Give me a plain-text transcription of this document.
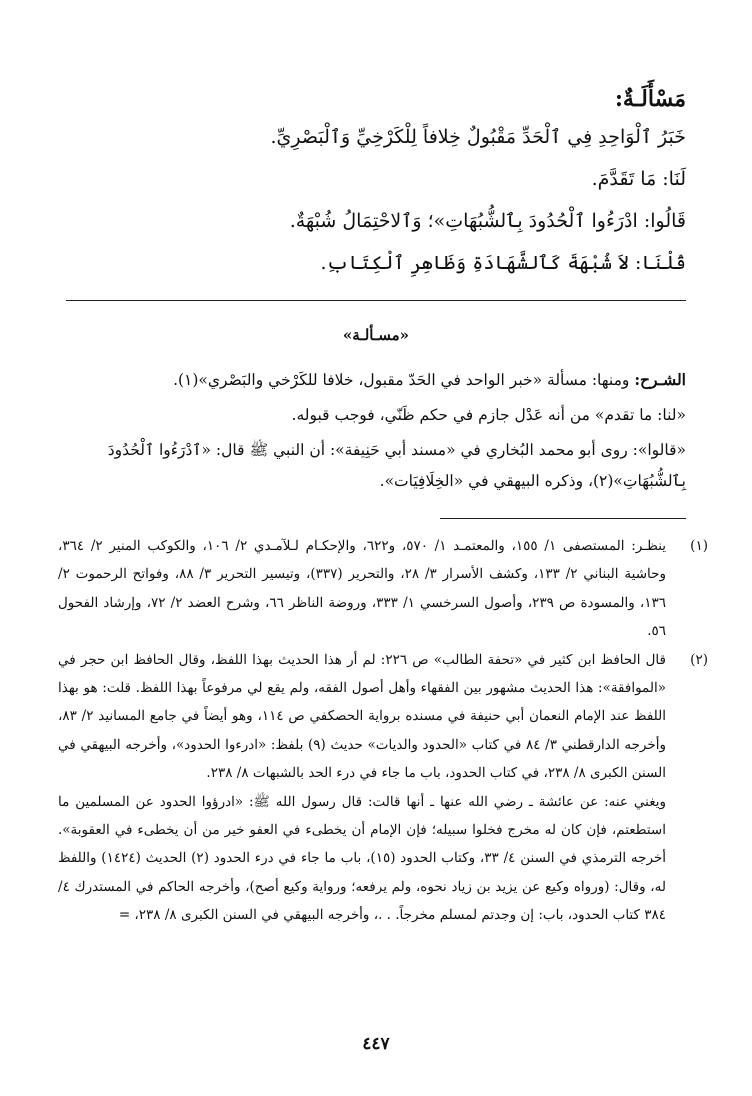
مَسْأَلَـةٌ:

خَبَرُ ٱلْوَاحِدِ فِي ٱلْحَدِّ مَقْبُولٌ خِلافاً لِلْكَرْخِيِّ وَٱلْبَصْرِيِّ.

لَنَا: مَا تَقَدَّمَ.

قَالُوا: ادْرَءُوا ٱلْحُدُودَ بِٱلشُّبُهَاتِ»؛ وَٱلاحْتِمَالُ شُبْهَةٌ.

قُلْنَا: لاَ شُبْهَةَ كَٱلشَّهَادَةِ وَظَاهِرِ ٱلْكِتَابِ.

«مسـألـة»

الشـرح: ومنها: مسألة «خبر الواحد في الحَدّ مقبول، خلافا للكَرْخي والبَصْري»(١).

«لنا: ما تقدم» من أنه عَدْل جازم في حكم ظَنّي، فوجب قبوله.

«قالوا»: روى أبو محمد البُخاري في «مسند أبي حَنِيفة»: أن النبي ﷺ قال: «ٱدْرَءُوا ٱلْحُدُودَ بِٱلشُّبُهَاتِ»(٢)، وذكره البيهقي في «الخِلَافِيَات».

(١)

ينظـر: المستصفى ١/ ١٥٥، والمعتمـد ١/ ٥٧٠، و٦٢٢، والإحكـام لـلآمـدي ٢/ ١٠٦، والكوكب المنير ٢/ ٣٦٤، وحاشية البناني ٢/ ١٣٣، وكشف الأسرار ٣/ ٢٨، والتحرير (٣٣٧)، وتيسير التحرير ٣/ ٨٨، وفواتح الرحموت ٢/ ١٣٦، والمسودة ص ٢٣٩، وأصول السرخسي ١/ ٣٣٣، وروضة الناظر ٦٦، وشرح العضد ٢/ ٧٢، وإرشاد الفحول ٥٦.

(٢)

قال الحافظ ابن كثير في «تحفة الطالب» ص ٢٢٦: لم أر هذا الحديث بهذا اللفظ، وقال الحافظ ابن حجر في «الموافقة»: هذا الحديث مشهور بين الفقهاء وأهل أصول الفقه، ولم يقع لي مرفوعاً بهذا اللفظ. قلت: هو بهذا اللفظ عند الإمام النعمان أبي حنيفة في مسنده برواية الحصكفي ص ١١٤، وهو أيضاً في جامع المسانيد ٢/ ٨٣، وأخرجه الدارقطني ٣/ ٨٤ في كتاب «الحدود والديات» حديث (٩) بلفظ: «ادرءوا الحدود»، وأخرجه البيهقي في السنن الكبرى ٨/ ٢٣٨، في كتاب الحدود، باب ما جاء في درء الحد بالشبهات ٨/ ٢٣٨.

ويغني عنه: عن عائشة ـ رضي الله عنها ـ أنها قالت: قال رسول الله ﷺ: «ادرؤوا الحدود عن المسلمين ما استطعتم، فإن كان له مخرج فخلوا سبيله؛ فإن الإمام أن يخطىء في العفو خير من أن يخطىء في العقوبة». أخرجه الترمذي في السنن ٤/ ٣٣، وكتاب الحدود (١٥)، باب ما جاء في درء الحدود (٢) الحديث (١٤٢٤) واللفظ له، وقال: (ورواه وكيع عن يزيد بن زياد نحوه، ولم يرفعه؛ ورواية وكيع أصح)، وأخرجه الحاكم في المستدرك ٤/ ٣٨٤ كتاب الحدود، باب: إن وجدتم لمسلم مخرجاً. . .، وأخرجه البيهقي في السنن الكبرى ٨/ ٢٣٨، =

٤٤٧
